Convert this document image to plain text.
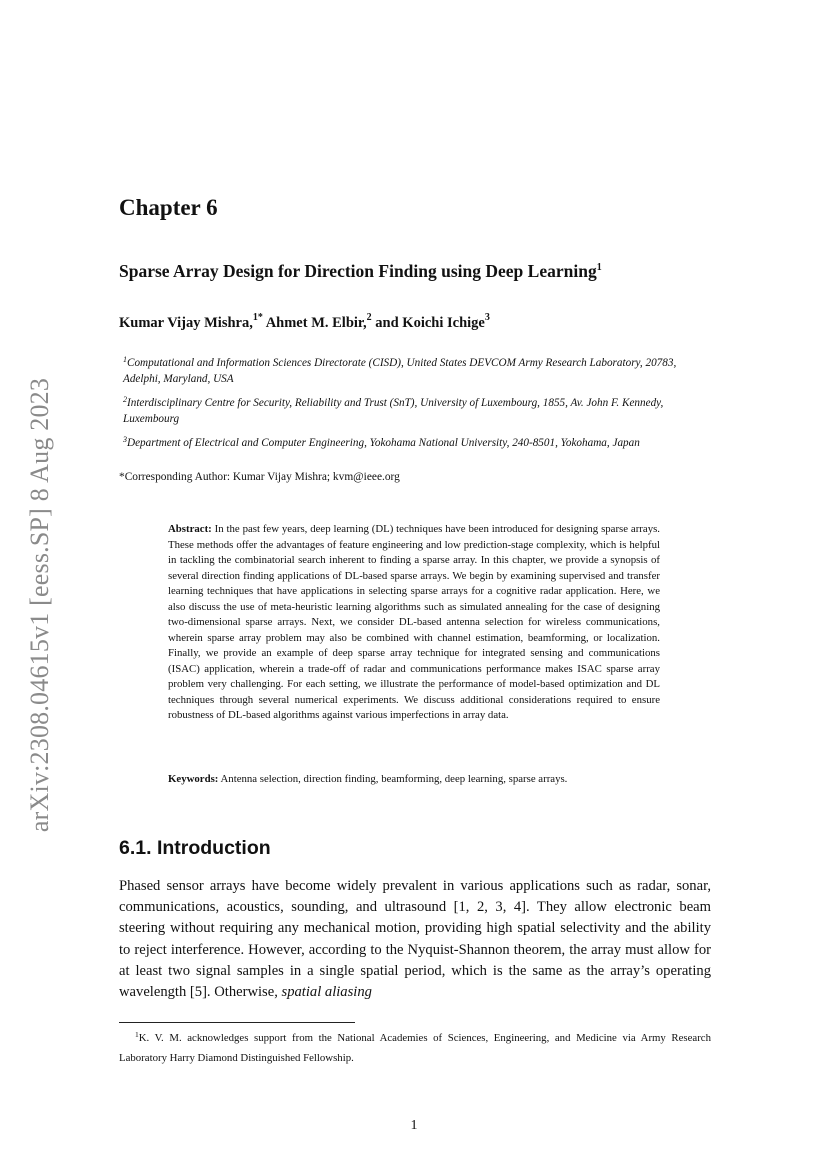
arXiv:2308.04615v1 [eess.SP] 8 Aug 2023
Chapter 6
Sparse Array Design for Direction Finding using Deep Learning$^1$
Kumar Vijay Mishra,$^{1*}$ Ahmet M. Elbir,$^2$ and Koichi Ichige$^3$
$^1$Computational and Information Sciences Directorate (CISD), United States DEVCOM Army Research Laboratory, 20783, Adelphi, Maryland, USA
$^2$Interdisciplinary Centre for Security, Reliability and Trust (SnT), University of Luxembourg, 1855, Av. John F. Kennedy, Luxembourg
$^3$Department of Electrical and Computer Engineering, Yokohama National University, 240-8501, Yokohama, Japan
*Corresponding Author: Kumar Vijay Mishra; kvm@ieee.org
Abstract: In the past few years, deep learning (DL) techniques have been introduced for designing sparse arrays. These methods offer the advantages of feature engineering and low prediction-stage complexity, which is helpful in tackling the combinatorial search inherent to finding a sparse array. In this chapter, we provide a synopsis of several direction finding applications of DL-based sparse arrays. We begin by examining supervised and transfer learning techniques that have applications in selecting sparse arrays for a cognitive radar application. Here, we also discuss the use of meta-heuristic learning algorithms such as simulated annealing for the case of designing two-dimensional sparse arrays. Next, we consider DL-based antenna selection for wireless communications, wherein sparse array problem may also be combined with channel estimation, beamforming, or localization. Finally, we provide an example of deep sparse array technique for integrated sensing and communications (ISAC) application, wherein a trade-off of radar and communications performance makes ISAC sparse array problem very challenging. For each setting, we illustrate the performance of model-based optimization and DL techniques through several numerical experiments. We discuss additional considerations required to ensure robustness of DL-based algorithms against various imperfections in array data.
Keywords: Antenna selection, direction finding, beamforming, deep learning, sparse arrays.
6.1. Introduction
Phased sensor arrays have become widely prevalent in various applications such as radar, sonar, communications, acoustics, sounding, and ultrasound [1, 2, 3, 4]. They allow electronic beam steering without requiring any mechanical motion, providing high spatial selectivity and the ability to reject interference. However, according to the Nyquist-Shannon theorem, the array must allow for at least two signal samples in a single spatial period, which is the same as the array’s operating wavelength [5]. Otherwise, spatial aliasing
$^1$K. V. M. acknowledges support from the National Academies of Sciences, Engineering, and Medicine via Army Research Laboratory Harry Diamond Distinguished Fellowship.
1
